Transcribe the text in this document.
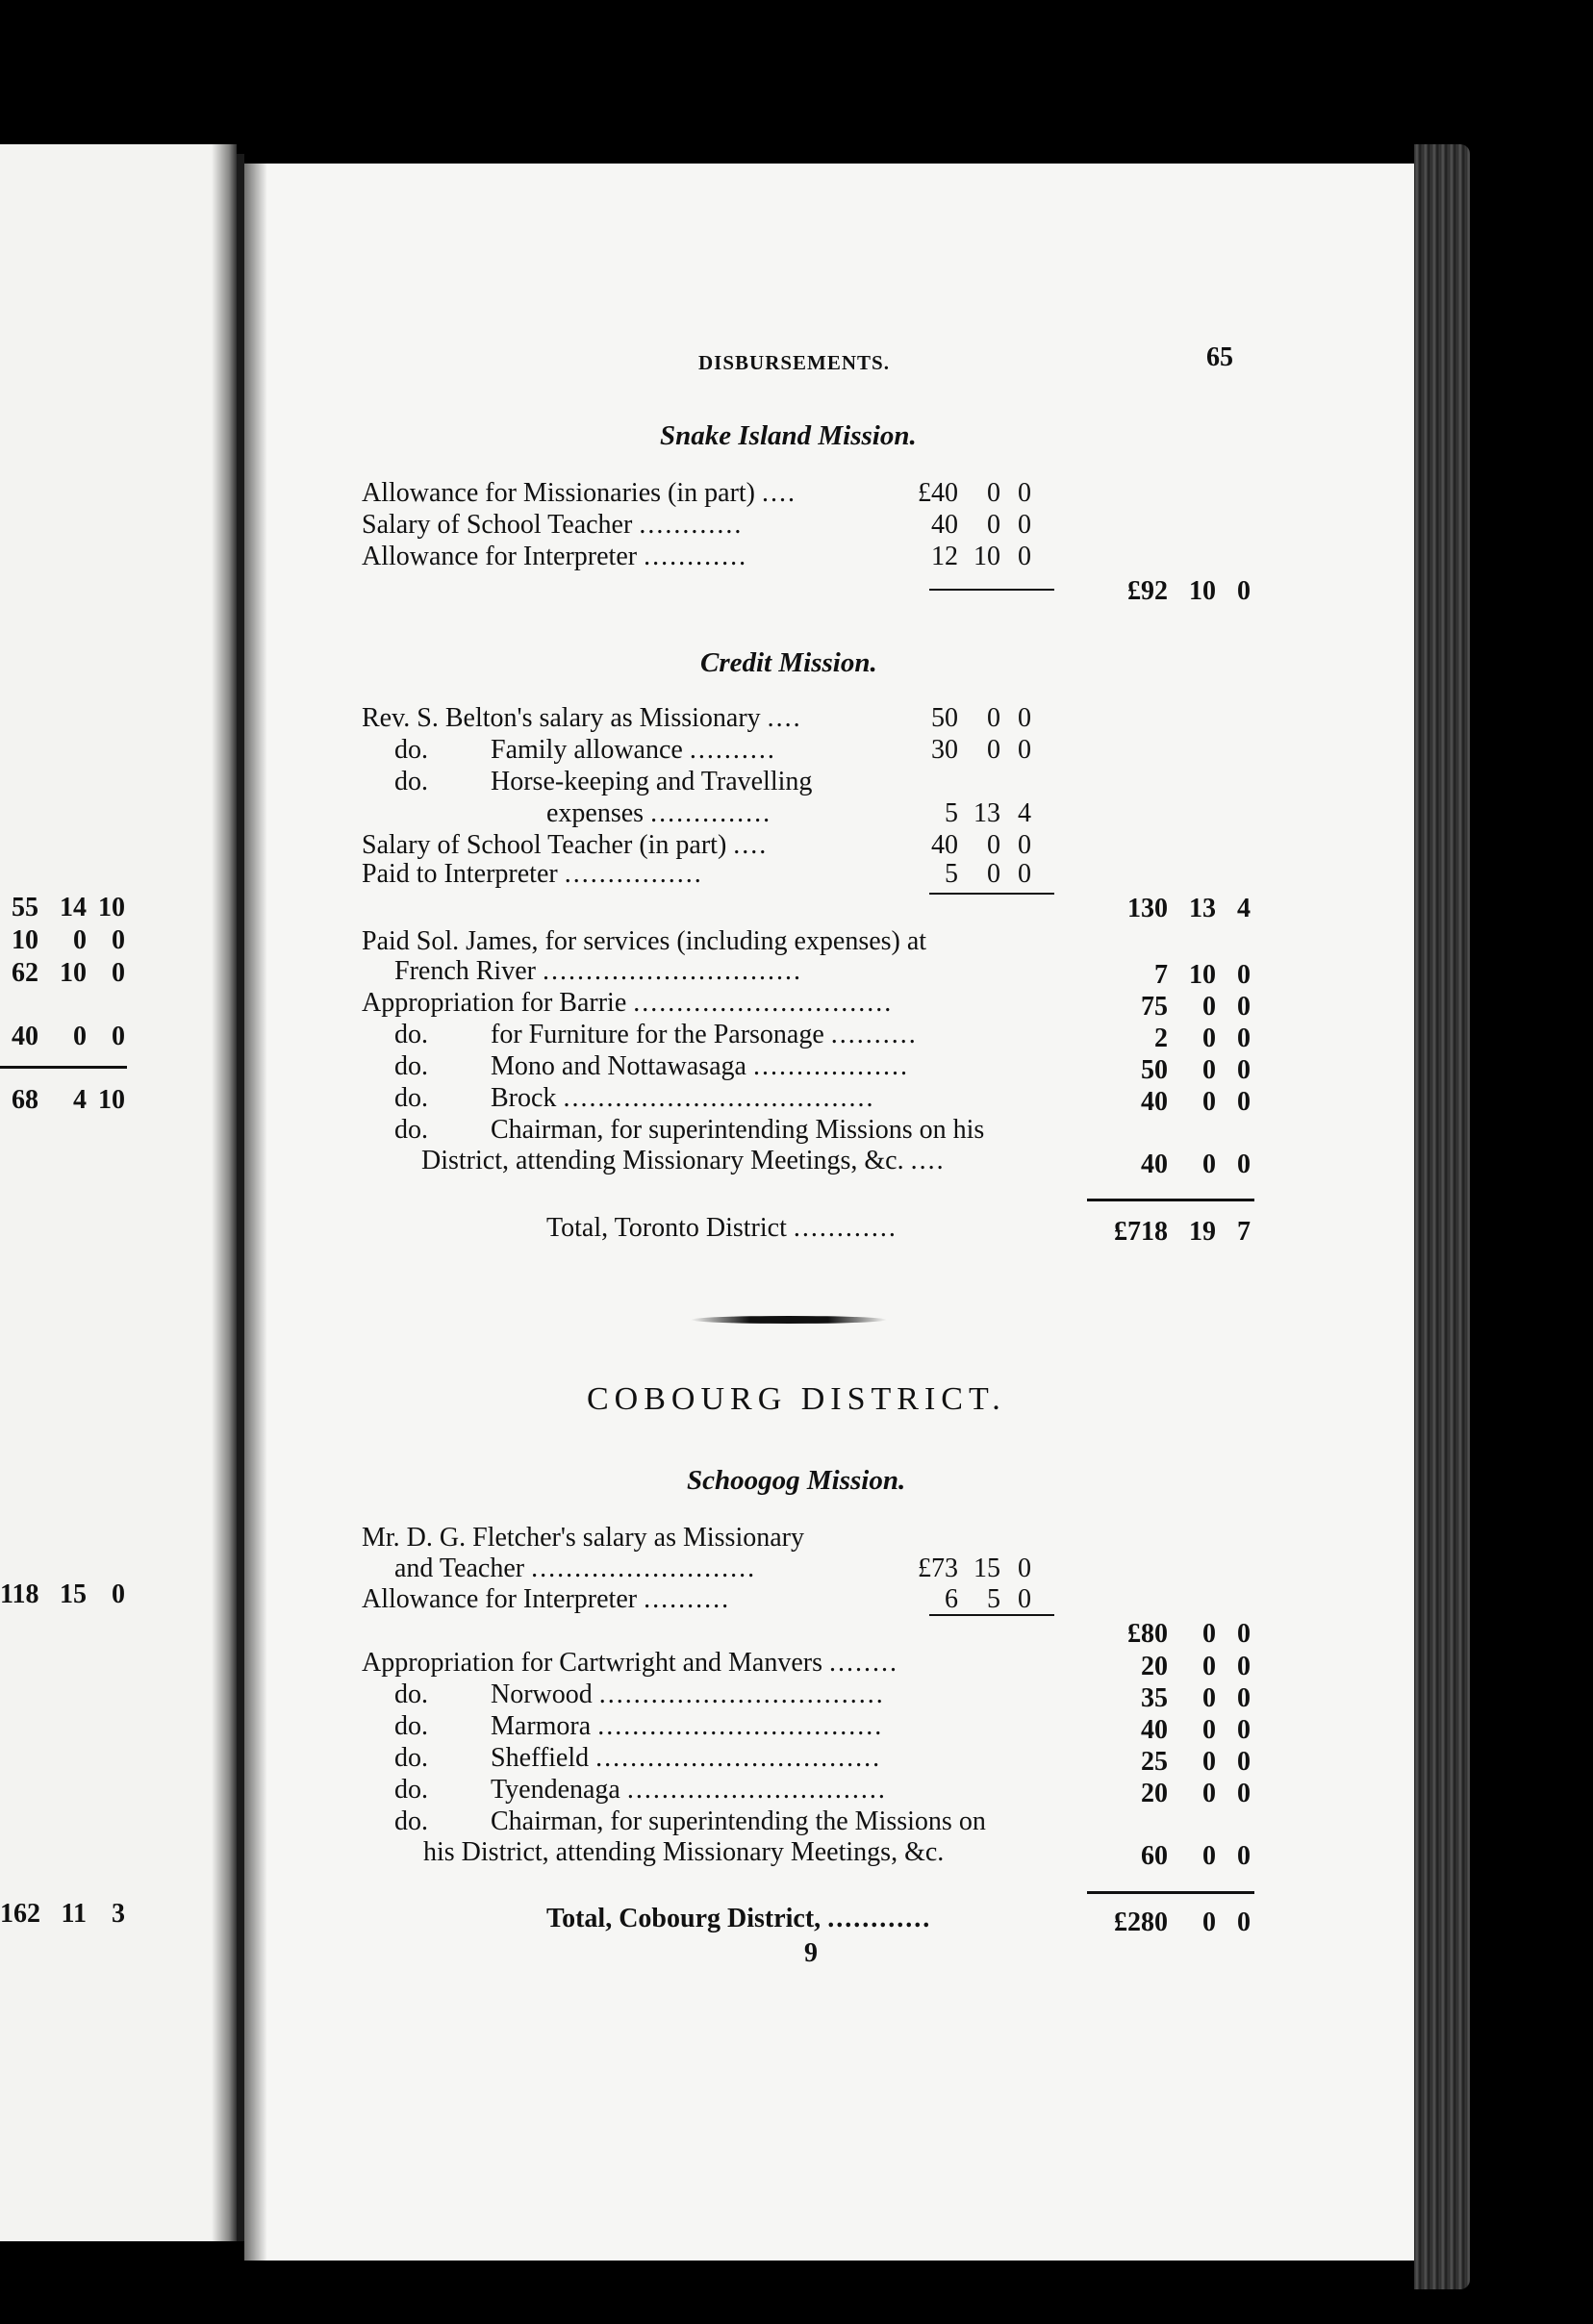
55 14 10
10	0 0
62 10 0
40	0 0
68	4 10
118 15 0
162 11 3
DISBURSEMENTS.	65
Snake Island Mission.
Allowance for Missionaries (in part) ....	£40	0 0
Salary of School Teacher ............	40	0 0
Allowance for Interpreter ............	12 10 0
£92 10 0
Credit Mission.
Rev. S. Belton's salary as Missionary ....	50	0 0
do. Family allowance ..........	30	0 0
do. Horse-keeping and Travelling
expenses ..............	5 13 4
Salary of School Teacher (in part) ....	40	0 0
Paid to Interpreter ................	5	0 0
130 13 4
Paid Sol. James, for services (including expenses) at
French River ..............................	7 10 0
Appropriation for Barrie ..............................	75	0 0
do. for Furniture for the Parsonage ..........	2	0 0
do. Mono and Nottawasaga ..................	50	0 0
do. Brock ....................................	40	0 0
do. Chairman, for superintending Missions on his
District, attending Missionary Meetings, &c. ....	40	0 0
Total, Toronto District ............	£718 19 7
COBOURG DISTRICT.
Schoogog Mission.
Mr. D. G. Fletcher's salary as Missionary
and Teacher ..........................	£73 15 0
Allowance for Interpreter ..........	6	5 0
£80	0 0
Appropriation for Cartwright and Manvers ........	20	0 0
do. Norwood .................................	35	0 0
do. Marmora .................................	40	0 0
do. Sheffield .................................	25	0 0
do. Tyendenaga ..............................	20	0 0
do. Chairman, for superintending the Missions on
his District, attending Missionary Meetings, &c.	60	0 0
Total, Cobourg District, ............	£280	0 0
9
